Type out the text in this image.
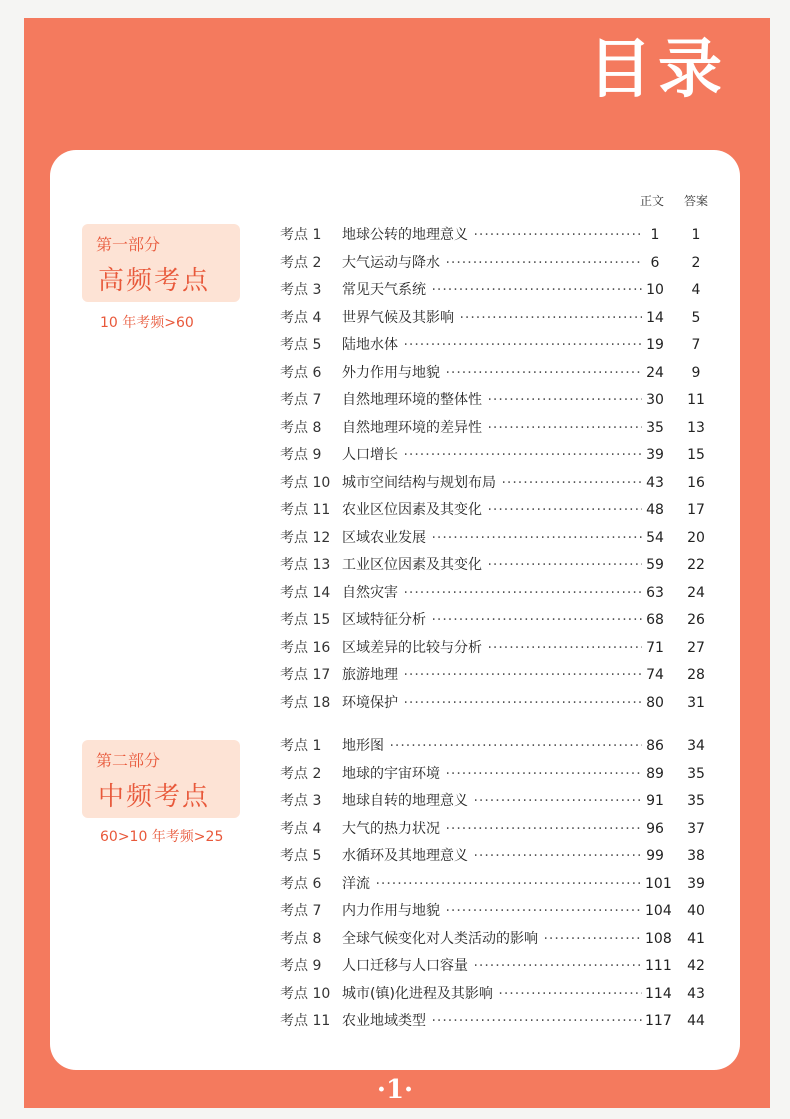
目录
正文 答案
第一部分
高频考点
10 年考频>60
第二部分
中频考点
60>10 年考频>25
考点 1 地球公转的地理意义 ·····	1	1
考点 2 大气运动与降水 ·····	6	2
考点 3 常见天气系统 ·····	10	4
考点 4 世界气候及其影响 ·····	14	5
考点 5 陆地水体 ·····	19	7
考点 6 外力作用与地貌 ·····	24	9
考点 7 自然地理环境的整体性 ·····	30 11
考点 8 自然地理环境的差异性 ·····	35 13
考点 9 人口增长 ·····	39 15
考点 10 城市空间结构与规划布局 ·····	43 16
考点 11 农业区位因素及其变化 ·····	48 17
考点 12 区域农业发展 ·····	54 20
考点 13 工业区位因素及其变化 ·····	59 22
考点 14 自然灾害 ·····	63 24
考点 15 区域特征分析 ·····	68 26
考点 16 区域差异的比较与分析 ·····	71 27
考点 17 旅游地理 ·····	74 28
考点 18 环境保护 ·····	80 31
考点 1 地形图 ·····	86 34
考点 2 地球的宇宙环境 ·····	89 35
考点 3 地球自转的地理意义 ·····	91 35
考点 4 大气的热力状况 ·····	96 37
考点 5 水循环及其地理意义 ·····	99 38
考点 6 洋流 ·····	101 39
考点 7 内力作用与地貌 ·····	104 40
考点 8 全球气候变化对人类活动的影响 ·····	108 41
考点 9 人口迁移与人口容量 ·····	111 42
考点 10 城市(镇)化进程及其影响 ·····	114 43
考点 11 农业地域类型 ·····	117 44
·1·
